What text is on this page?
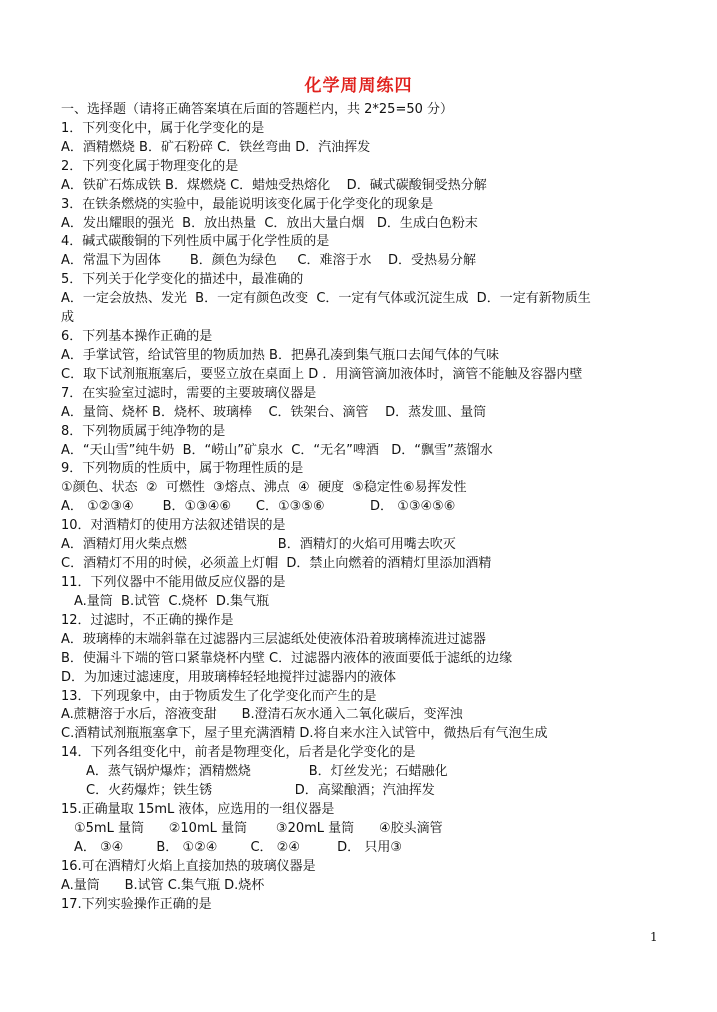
化学周周练四
一、选择题（请将正确答案填在后面的答题栏内，共 2*25=50 分）
1．下列变化中，属于化学变化的是
A．酒精燃烧 B．矿石粉碎 C．铁丝弯曲 D．汽油挥发
2．下列变化属于物理变化的是
A．铁矿石炼成铁 B．煤燃烧 C．蜡烛受热熔化    D．碱式碳酸铜受热分解
3．在铁条燃烧的实验中，最能说明该变化属于化学变化的现象是
A．发出耀眼的强光  B．放出热量  C．放出大量白烟   D．生成白色粉末
4．碱式碳酸铜的下列性质中属于化学性质的是
A．常温下为固体       B．颜色为绿色     C．难溶于水    D．受热易分解
5．下列关于化学变化的描述中，最准确的
A．一定会放热、发光  B．一定有颜色改变  C．一定有气体或沉淀生成  D．一定有新物质生
成
6．下列基本操作正确的是
A．手掌试管，给试管里的物质加热 B．把鼻孔凑到集气瓶口去闻气体的气味
C．取下试剂瓶瓶塞后，要竖立放在桌面上 D ．用滴管滴加液体时，滴管不能触及容器内壁
7．在实验室过滤时，需要的主要玻璃仪器是
A．量筒、烧杯 B．烧杯、玻璃棒    C．铁架台、滴管    D．蒸发皿、量筒
8．下列物质属于纯净物的是
A．“天山雪”纯牛奶  B．“崂山”矿泉水  C．“无名”啤酒   D．“飘雪”蒸馏水
9．下列物质的性质中，属于物理性质的是
①颜色、状态  ②  可燃性  ③熔点、沸点  ④  硬度  ⑤稳定性⑥易挥发性
A． ①②③④       B．①③④⑥      C．①③⑤⑥           D． ①③④⑤⑥
10．对酒精灯的使用方法叙述错误的是
A．酒精灯用火柴点燃                      B．酒精灯的火焰可用嘴去吹灭
C．酒精灯不用的时候，必须盖上灯帽  D．禁止向燃着的酒精灯里添加酒精
11．下列仪器中不能用做反应仪器的是
A.量筒  B.试管  C.烧杯  D.集气瓶
12．过滤时，不正确的操作是
A．玻璃棒的末端斜靠在过滤器内三层滤纸处使液体沿着玻璃棒流进过滤器
B．使漏斗下端的管口紧靠烧杯内壁 C．过滤器内液体的液面要低于滤纸的边缘
D．为加速过滤速度，用玻璃棒轻轻地搅拌过滤器内的液体
13．下列现象中，由于物质发生了化学变化而产生的是
A.蔗糖溶于水后，溶液变甜      B.澄清石灰水通入二氧化碳后，变浑浊
C.酒精试剂瓶瓶塞拿下，屋子里充满酒精 D.将自来水注入试管中，微热后有气泡生成
14．下列各组变化中，前者是物理变化，后者是化学变化的是
A．蒸气锅炉爆炸；酒精燃烧              B．灯丝发光；石蜡融化
C．火药爆炸；铁生锈                    D．高粱酿酒；汽油挥发
15.正确量取 15mL 液体，应选用的一组仪器是
①5mL 量筒      ②10mL 量筒       ③20mL 量筒      ④胶头滴管
A． ③④        B． ①②④        C． ②④         D． 只用③
16.可在酒精灯火焰上直接加热的玻璃仪器是
A.量筒      B.试管 C.集气瓶 D.烧杯
17.下列实验操作正确的是
1
